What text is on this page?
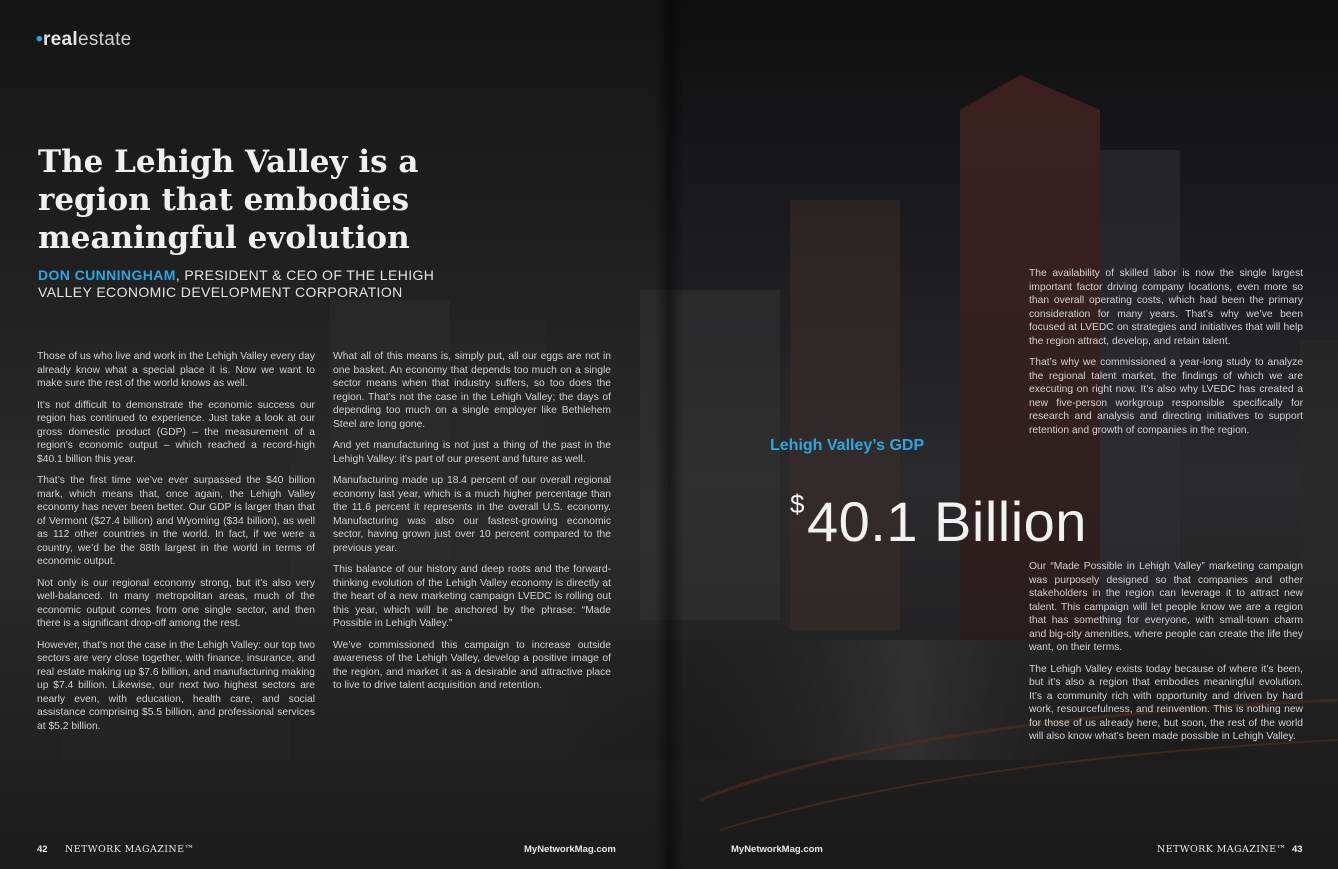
•realestate
The Lehigh Valley is a region that embodies meaningful evolution
DON CUNNINGHAM, PRESIDENT & CEO OF THE LEHIGH VALLEY ECONOMIC DEVELOPMENT CORPORATION

Those of us who live and work in the Lehigh Valley every day already know what a special place it is. Now we want to make sure the rest of the world knows as well.

It’s not difficult to demonstrate the economic success our region has continued to experience. Just take a look at our gross domestic product (GDP) – the measurement of a region’s economic output – which reached a record-high $40.1 billion this year.

That’s the first time we’ve ever surpassed the $40 billion mark, which means that, once again, the Lehigh Valley economy has never been better. Our GDP is larger than that of Vermont ($27.4 billion) and Wyoming ($34 billion), as well as 112 other countries in the world. In fact, if we were a country, we’d be the 88th largest in the world in terms of economic output.

Not only is our regional economy strong, but it’s also very well-balanced. In many metropolitan areas, much of the economic output comes from one single sector, and then there is a significant drop-off among the rest.

However, that’s not the case in the Lehigh Valley: our top two sectors are very close together, with finance, insurance, and real estate making up $7.6 billion, and manufacturing making up $7.4 billion. Likewise, our next two highest sectors are nearly even, with education, health care, and social assistance comprising $5.5 billion, and professional services at $5.2 billion.

What all of this means is, simply put, all our eggs are not in one basket. An economy that depends too much on a single sector means when that industry suffers, so too does the region. That’s not the case in the Lehigh Valley; the days of depending too much on a single employer like Bethlehem Steel are long gone.

And yet manufacturing is not just a thing of the past in the Lehigh Valley: it’s part of our present and future as well.

Manufacturing made up 18.4 percent of our overall regional economy last year, which is a much higher percentage than the 11.6 percent it represents in the overall U.S. economy. Manufacturing was also our fastest-growing economic sector, having grown just over 10 percent compared to the previous year.

This balance of our history and deep roots and the forward-thinking evolution of the Lehigh Valley economy is directly at the heart of a new marketing campaign LVEDC is rolling out this year, which will be anchored by the phrase: “Made Possible in Lehigh Valley.”

We’ve commissioned this campaign to increase outside awareness of the Lehigh Valley, develop a positive image of the region, and market it as a desirable and attractive place to live to drive talent acquisition and retention.

The availability of skilled labor is now the single largest important factor driving company locations, even more so than overall operating costs, which had been the primary consideration for many years. That’s why we’ve been focused at LVEDC on strategies and initiatives that will help the region attract, develop, and retain talent.

That’s why we commissioned a year-long study to analyze the regional talent market, the findings of which we are executing on right now. It’s also why LVEDC has created a new five-person workgroup responsible specifically for research and analysis and directing initiatives to support retention and growth of companies in the region.

Lehigh Valley’s GDP
$40.1 Billion

Our “Made Possible in Lehigh Valley” marketing campaign was purposely designed so that companies and other stakeholders in the region can leverage it to attract new talent. This campaign will let people know we are a region that has something for everyone, with small-town charm and big-city amenities, where people can create the life they want, on their terms.

The Lehigh Valley exists today because of where it’s been, but it’s also a region that embodies meaningful evolution. It’s a community rich with opportunity and driven by hard work, resourcefulness, and reinvention. This is nothing new for those of us already here, but soon, the rest of the world will also know what’s been made possible in Lehigh Valley.

42 NETWORK MAGAZINE™	MyNetworkMag.com	MyNetworkMag.com	NETWORK MAGAZINE™ 43
